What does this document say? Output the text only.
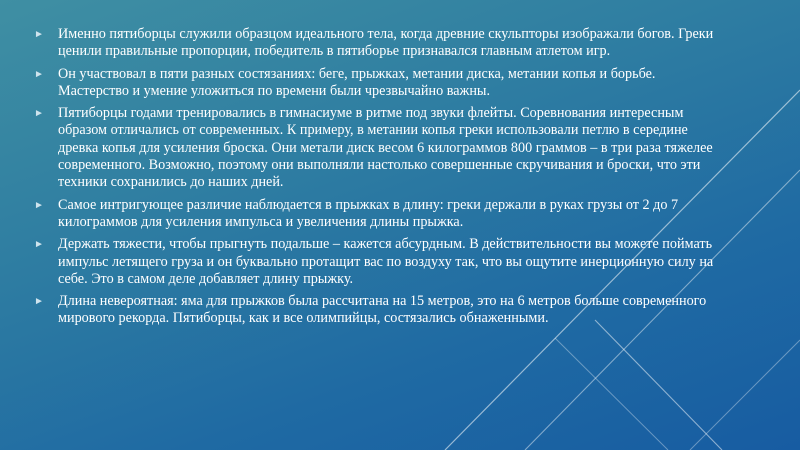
► Именно пятиборцы служили образцом идеального тела, когда древние скульпторы изображали богов. Греки ценили правильные пропорции, победитель в пятиборье признавался главным атлетом игр.
► Он участвовал в пяти разных состязаниях: беге, прыжках, метании диска, метании копья и борьбе. Мастерство и умение уложиться по времени были чрезвычайно важны.
► Пятиборцы годами тренировались в гимнасиуме в ритме под звуки флейты. Соревнования интересным образом отличались от современных. К примеру, в метании копья греки использовали петлю в середине древка копья для усиления броска. Они метали диск весом 6 килограммов 800 граммов – в три раза тяжелее современного. Возможно, поэтому они выполняли настолько совершенные скручивания и броски, что эти техники сохранились до наших дней.
► Самое интригующее различие наблюдается в прыжках в длину: греки держали в руках грузы от 2 до 7 килограммов для усиления импульса и увеличения длины прыжка.
► Держать тяжести, чтобы прыгнуть подальше – кажется абсурдным. В действительности вы можете поймать импульс летящего груза и он буквально протащит вас по воздуху так, что вы ощутите инерционную силу на себе. Это в самом деле добавляет длину прыжку.
► Длина невероятная: яма для прыжков была рассчитана на 15 метров, это на 6 метров больше современного мирового рекорда. Пятиборцы, как и все олимпийцы, состязались обнаженными.
